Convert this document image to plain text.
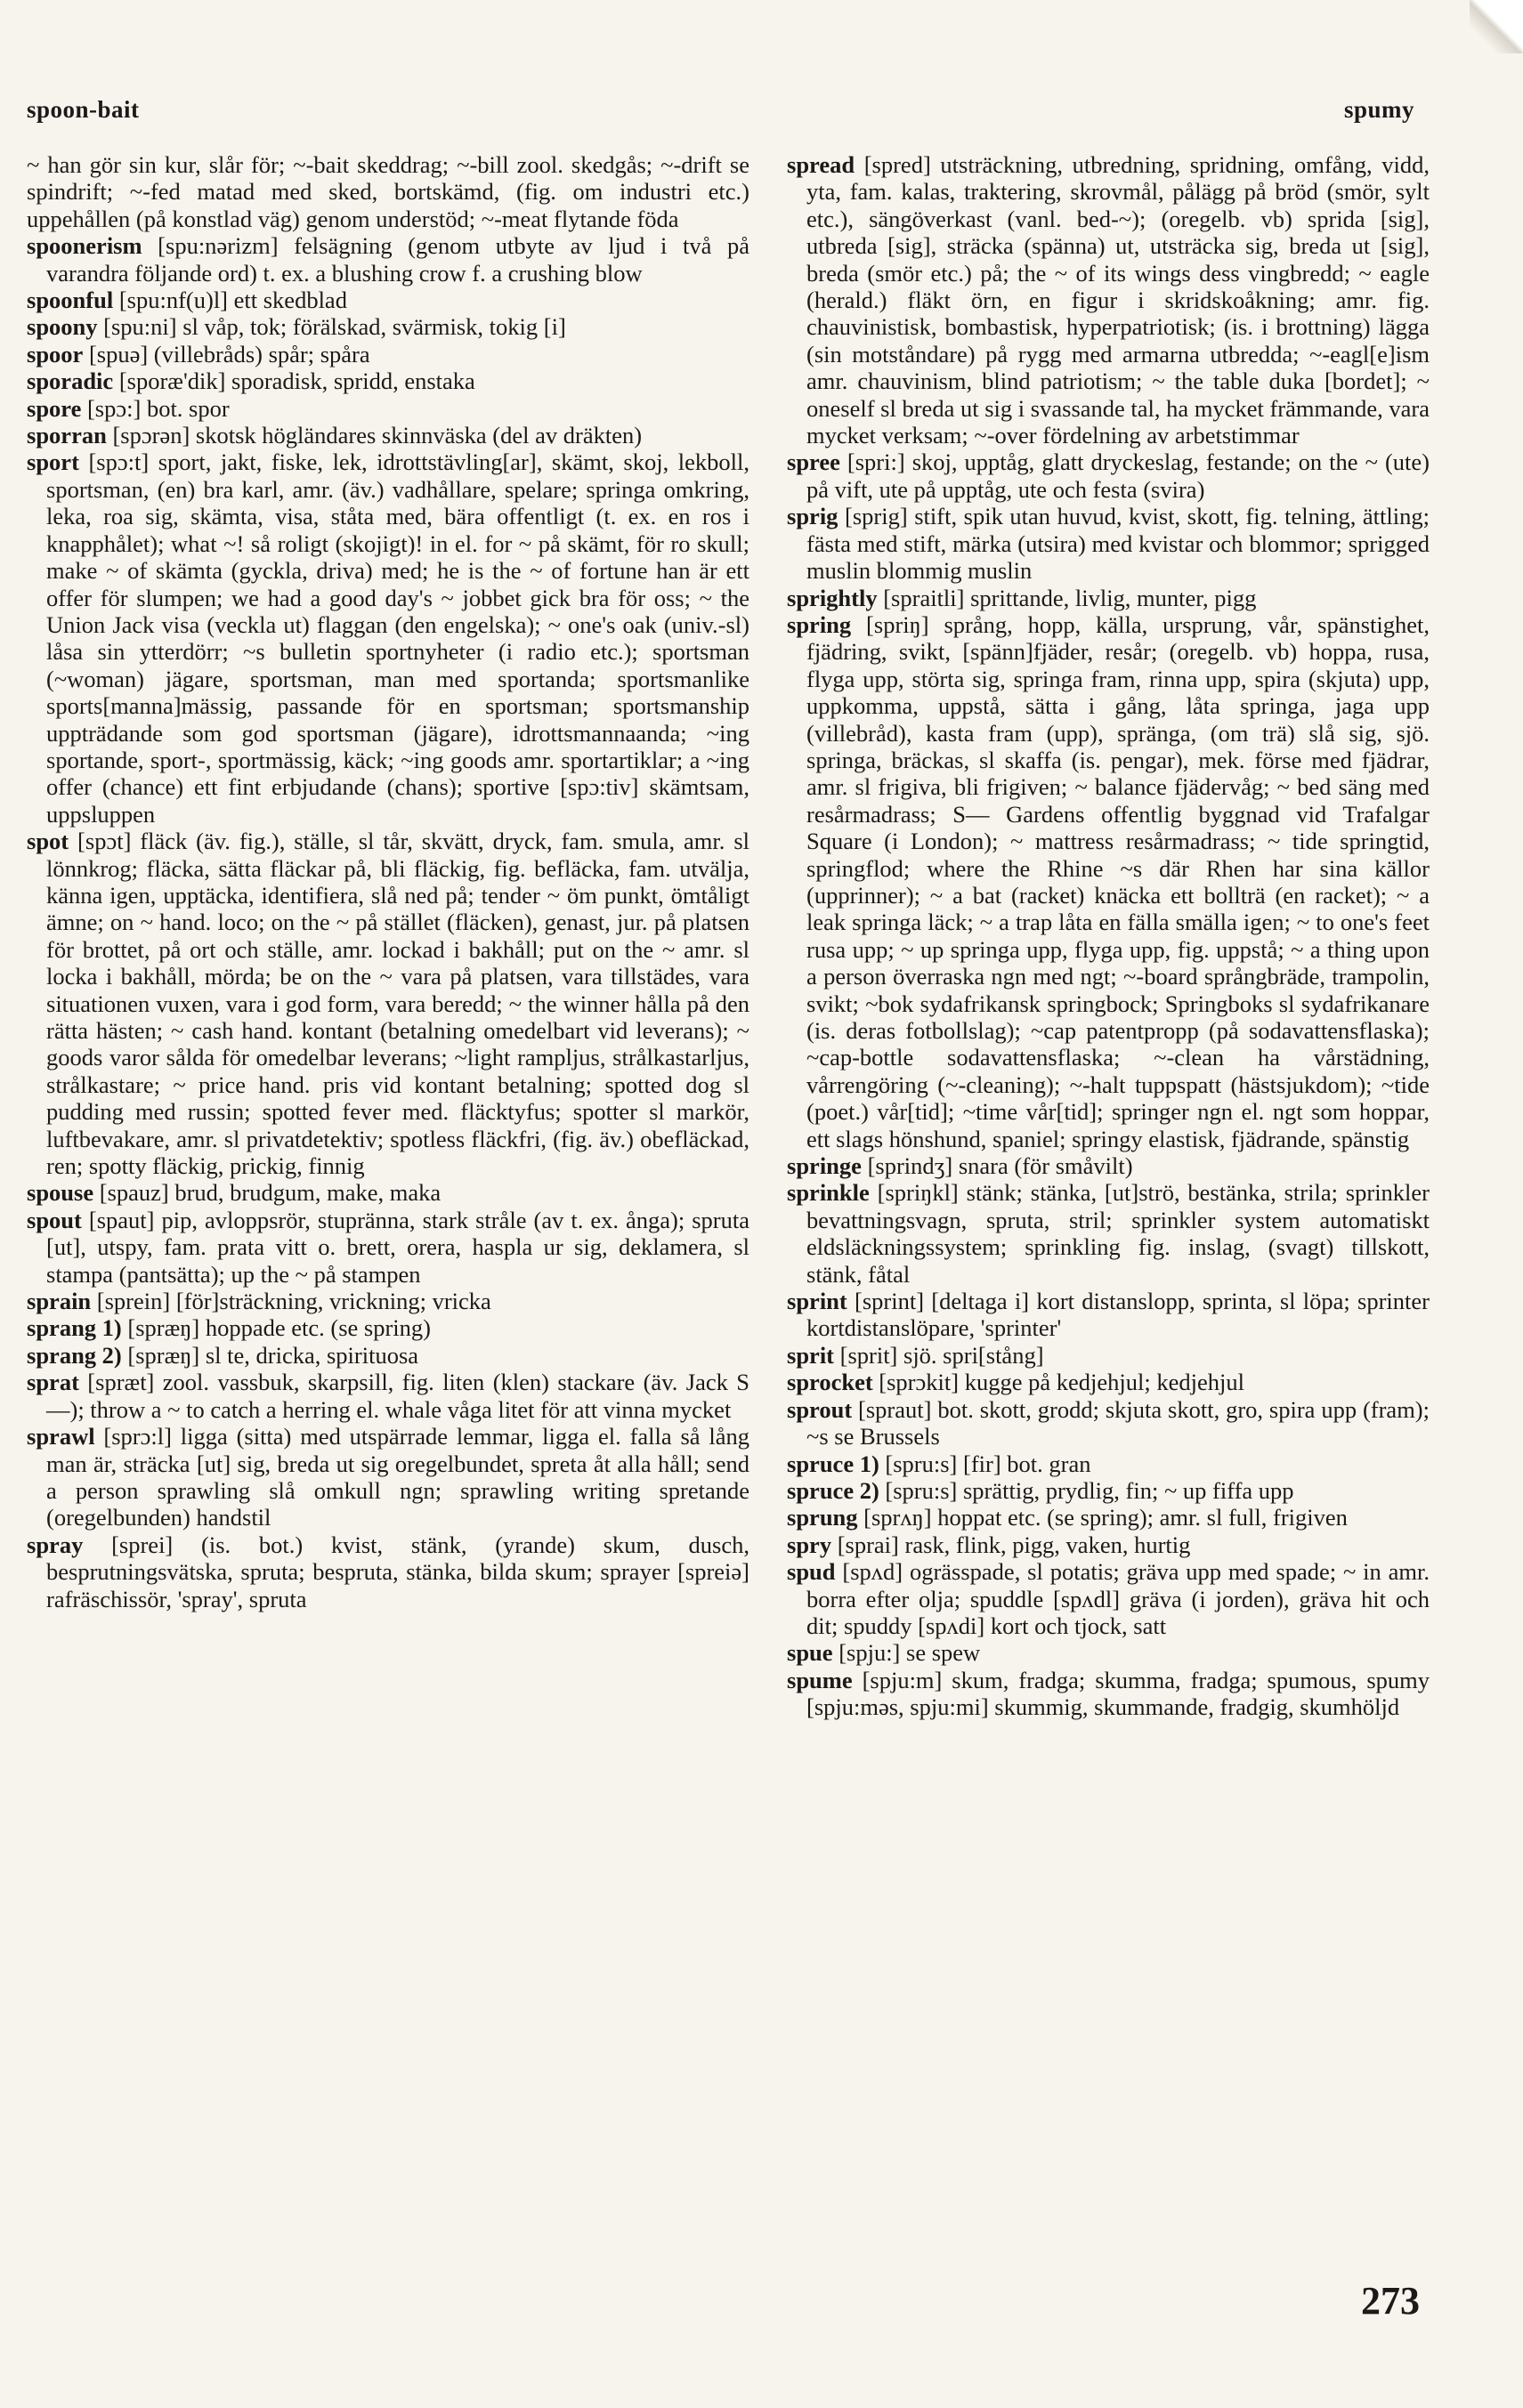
spoon-bait	spumy

~ han gör sin kur, slår för; ~-bait skeddrag; ~-bill zool. skedgås; ~-drift se spindrift; ~-fed matad med sked, bortskämd, (fig. om industri etc.) uppehållen (på konstlad väg) genom understöd; ~-meat flytande föda

spoonerism [spu:nərizm] felsägning (genom utbyte av ljud i två på varandra följande ord) t. ex. a blushing crow f. a crushing blow

spoonful [spu:nf(u)l] ett skedblad

spoony [spu:ni] sl våp, tok; förälskad, svärmisk, tokig [i]

spoor [spuə] (villebråds) spår; spåra

sporadic [sporæ'dik] sporadisk, spridd, enstaka

spore [spɔ:] bot. spor

sporran [spɔrən] skotsk högländares skinnväska (del av dräkten)

sport [spɔ:t] sport, jakt, fiske, lek, idrottstävling[ar], skämt, skoj, lekboll, sportsman, (en) bra karl, amr. (äv.) vadhållare, spelare; springa omkring, leka, roa sig, skämta, visa, ståta med, bära offentligt (t. ex. en ros i knapphålet); what ~! så roligt (skojigt)! in el. for ~ på skämt, för ro skull; make ~ of skämta (gyckla, driva) med; he is the ~ of fortune han är ett offer för slumpen; we had a good day's ~ jobbet gick bra för oss; ~ the Union Jack visa (veckla ut) flaggan (den engelska); ~ one's oak (univ.-sl) låsa sin ytterdörr; ~s bulletin sportnyheter (i radio etc.); sportsman (~woman) jägare, sportsman, man med sportanda; sportsmanlike sports[manna]mässig, passande för en sportsman; sportsmanship uppträdande som god sportsman (jägare), idrottsmannaanda; ~ing sportande, sport-, sportmässig, käck; ~ing goods amr. sportartiklar; a ~ing offer (chance) ett fint erbjudande (chans); sportive [spɔ:tiv] skämtsam, uppsluppen

spot [spɔt] fläck (äv. fig.), ställe, sl tår, skvätt, dryck, fam. smula, amr. sl lönnkrog; fläcka, sätta fläckar på, bli fläckig, fig. befläcka, fam. utvälja, känna igen, upptäcka, identifiera, slå ned på; tender ~ öm punkt, ömtåligt ämne; on ~ hand. loco; on the ~ på stället (fläcken), genast, jur. på platsen för brottet, på ort och ställe, amr. lockad i bakhåll; put on the ~ amr. sl locka i bakhåll, mörda; be on the ~ vara på platsen, vara tillstädes, vara situationen vuxen, vara i god form, vara beredd; ~ the winner hålla på den rätta hästen; ~ cash hand. kontant (betalning omedelbart vid leverans); ~ goods varor sålda för omedelbar leverans; ~light rampljus, strålkastarljus, strålkastare; ~ price hand. pris vid kontant betalning; spotted dog sl pudding med russin; spotted fever med. fläcktyfus; spotter sl markör, luftbevakare, amr. sl privatdetektiv; spotless fläckfri, (fig. äv.) obefläckad, ren; spotty fläckig, prickig, finnig

spouse [spauz] brud, brudgum, make, maka

spout [spaut] pip, avloppsrör, stupränna, stark stråle (av t. ex. ånga); spruta [ut], utspy, fam. prata vitt o. brett, orera, haspla ur sig, deklamera, sl stampa (pantsätta); up the ~ på stampen

sprain [sprein] [för]sträckning, vrickning; vricka

sprang 1) [spræŋ] hoppade etc. (se spring)

sprang 2) [spræŋ] sl te, dricka, spirituosa

sprat [spræt] zool. vassbuk, skarpsill, fig. liten (klen) stackare (äv. Jack S—); throw a ~ to catch a herring el. whale våga litet för att vinna mycket

sprawl [sprɔ:l] ligga (sitta) med utspärrade lemmar, ligga el. falla så lång man är, sträcka [ut] sig, breda ut sig oregelbundet, spreta åt alla håll; send a person sprawling slå omkull ngn; sprawling writing spretande (oregelbunden) handstil

spray [sprei] (is. bot.) kvist, stänk, (yrande) skum, dusch, besprutningsvätska, spruta; bespruta, stänka, bilda skum; sprayer [spreiə] rafräschissör, 'spray', spruta

spread [spred] utsträckning, utbredning, spridning, omfång, vidd, yta, fam. kalas, traktering, skrovmål, pålägg på bröd (smör, sylt etc.), sängöverkast (vanl. bed-~); (oregelb. vb) sprida [sig], utbreda [sig], sträcka (spänna) ut, utsträcka sig, breda ut [sig], breda (smör etc.) på; the ~ of its wings dess vingbredd; ~ eagle (herald.) fläkt örn, en figur i skridskoåkning; amr. fig. chauvinistisk, bombastisk, hyperpatriotisk; (is. i brottning) lägga (sin motståndare) på rygg med armarna utbredda; ~-eagl[e]ism amr. chauvinism, blind patriotism; ~ the table duka [bordet]; ~ oneself sl breda ut sig i svassande tal, ha mycket främmande, vara mycket verksam; ~-over fördelning av arbetstimmar

spree [spri:] skoj, upptåg, glatt dryckeslag, festande; on the ~ (ute) på vift, ute på upptåg, ute och festa (svira)

sprig [sprig] stift, spik utan huvud, kvist, skott, fig. telning, ättling; fästa med stift, märka (utsira) med kvistar och blommor; sprigged muslin blommig muslin

sprightly [spraitli] sprittande, livlig, munter, pigg

spring [spriŋ] språng, hopp, källa, ursprung, vår, spänstighet, fjädring, svikt, [spänn]fjäder, resår; (oregelb. vb) hoppa, rusa, flyga upp, störta sig, springa fram, rinna upp, spira (skjuta) upp, uppkomma, uppstå, sätta i gång, låta springa, jaga upp (villebråd), kasta fram (upp), spränga, (om trä) slå sig, sjö. springa, bräckas, sl skaffa (is. pengar), mek. förse med fjädrar, amr. sl frigiva, bli frigiven; ~ balance fjädervåg; ~ bed säng med resårmadrass; S— Gardens offentlig byggnad vid Trafalgar Square (i London); ~ mattress resårmadrass; ~ tide springtid, springflod; where the Rhine ~s där Rhen har sina källor (upprinner); ~ a bat (racket) knäcka ett bollträ (en racket); ~ a leak springa läck; ~ a trap låta en fälla smälla igen; ~ to one's feet rusa upp; ~ up springa upp, flyga upp, fig. uppstå; ~ a thing upon a person överraska ngn med ngt; ~-board språngbräde, trampolin, svikt; ~bok sydafrikansk springbock; Springboks sl sydafrikanare (is. deras fotbollslag); ~cap patentpropp (på sodavattensflaska); ~cap-bottle sodavattensflaska; ~-clean ha vårstädning, vårrengöring (~-cleaning); ~-halt tuppspatt (hästsjukdom); ~tide (poet.) vår[tid]; ~time vår[tid]; springer ngn el. ngt som hoppar, ett slags hönshund, spaniel; springy elastisk, fjädrande, spänstig

springe [sprindʒ] snara (för småvilt)

sprinkle [spriŋkl] stänk; stänka, [ut]strö, bestänka, strila; sprinkler bevattningsvagn, spruta, stril; sprinkler system automatiskt eldsläckningssystem; sprinkling fig. inslag, (svagt) tillskott, stänk, fåtal

sprint [sprint] [deltaga i] kort distanslopp, sprinta, sl löpa; sprinter kortdistanslöpare, 'sprinter'

sprit [sprit] sjö. spri[stång]

sprocket [sprɔkit] kugge på kedjehjul; kedjehjul

sprout [spraut] bot. skott, grodd; skjuta skott, gro, spira upp (fram); ~s se Brussels

spruce 1) [spru:s] [fir] bot. gran

spruce 2) [spru:s] sprättig, prydlig, fin; ~ up fiffa upp

sprung [sprʌŋ] hoppat etc. (se spring); amr. sl full, frigiven

spry [sprai] rask, flink, pigg, vaken, hurtig

spud [spʌd] ogrässpade, sl potatis; gräva upp med spade; ~ in amr. borra efter olja; spuddle [spʌdl] gräva (i jorden), gräva hit och dit; spuddy [spʌdi] kort och tjock, satt

spue [spju:] se spew

spume [spju:m] skum, fradga; skumma, fradga; spumous, spumy [spju:məs, spju:mi] skummig, skummande, fradgig, skumhöljd

273
